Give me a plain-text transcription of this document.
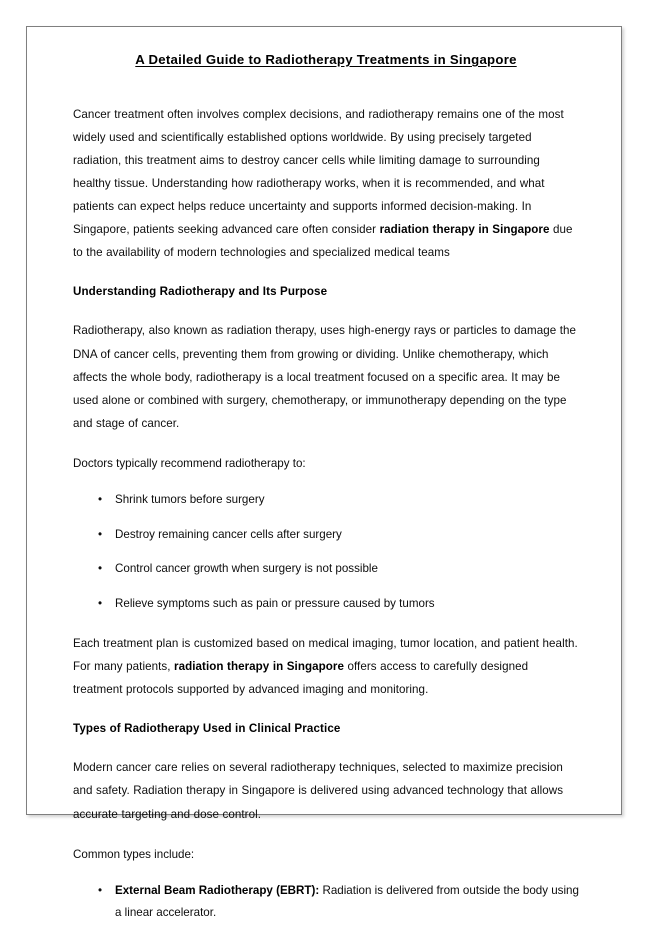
A Detailed Guide to Radiotherapy Treatments in Singapore

Cancer treatment often involves complex decisions, and radiotherapy remains one of the most widely used and scientifically established options worldwide. By using precisely targeted radiation, this treatment aims to destroy cancer cells while limiting damage to surrounding healthy tissue. Understanding how radiotherapy works, when it is recommended, and what patients can expect helps reduce uncertainty and supports informed decision-making. In Singapore, patients seeking advanced care often consider radiation therapy in Singapore due to the availability of modern technologies and specialized medical teams

Understanding Radiotherapy and Its Purpose

Radiotherapy, also known as radiation therapy, uses high-energy rays or particles to damage the DNA of cancer cells, preventing them from growing or dividing. Unlike chemotherapy, which affects the whole body, radiotherapy is a local treatment focused on a specific area. It may be used alone or combined with surgery, chemotherapy, or immunotherapy depending on the type and stage of cancer.

Doctors typically recommend radiotherapy to:

• Shrink tumors before surgery
• Destroy remaining cancer cells after surgery
• Control cancer growth when surgery is not possible
• Relieve symptoms such as pain or pressure caused by tumors

Each treatment plan is customized based on medical imaging, tumor location, and patient health. For many patients, radiation therapy in Singapore offers access to carefully designed treatment protocols supported by advanced imaging and monitoring.

Types of Radiotherapy Used in Clinical Practice

Modern cancer care relies on several radiotherapy techniques, selected to maximize precision and safety. Radiation therapy in Singapore is delivered using advanced technology that allows accurate targeting and dose control.

Common types include:

• External Beam Radiotherapy (EBRT): Radiation is delivered from outside the body using a linear accelerator.
